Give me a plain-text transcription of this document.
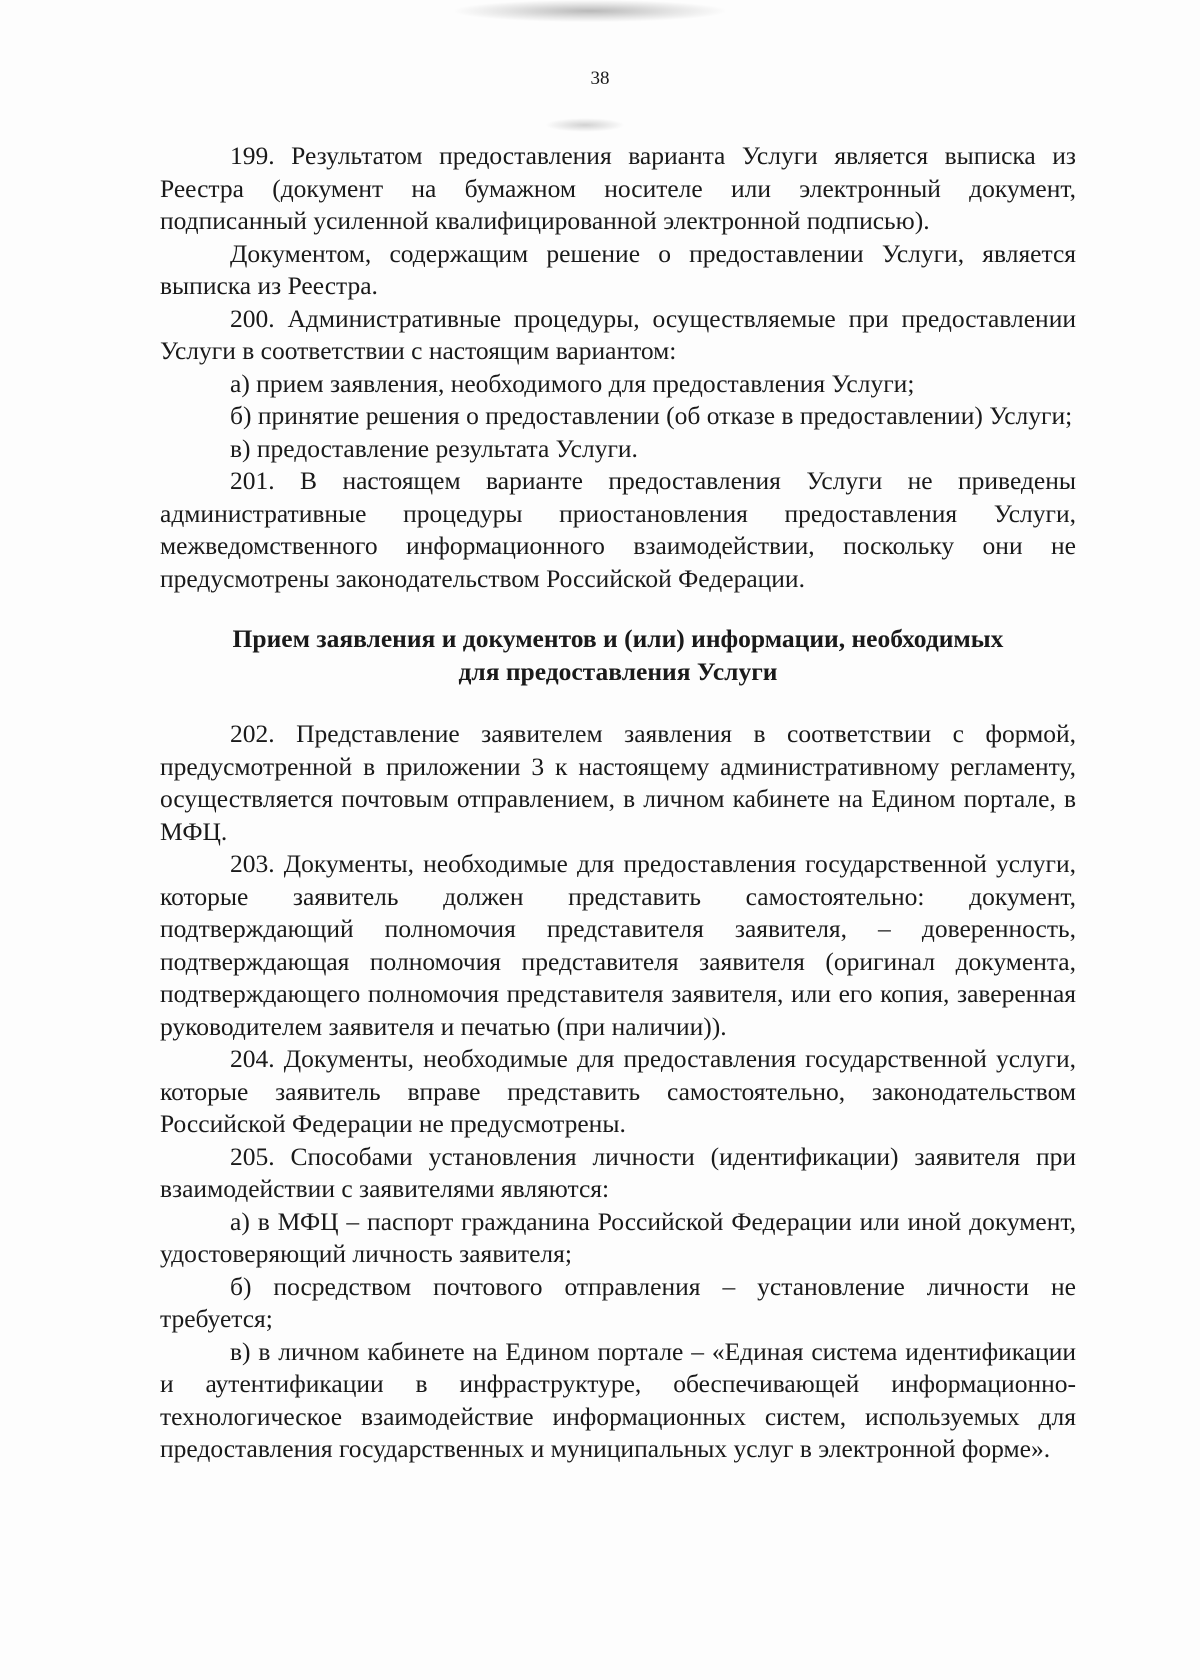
38

199. Результатом предоставления варианта Услуги является выписка из Реестра (документ на бумажном носителе или электронный документ, подписанный усиленной квалифицированной электронной подписью).

Документом, содержащим решение о предоставлении Услуги, является выписка из Реестра.

200. Административные процедуры, осуществляемые при предоставлении Услуги в соответствии с настоящим вариантом:

а) прием заявления, необходимого для предоставления Услуги;

б) принятие решения о предоставлении (об отказе в предоставлении) Услуги;

в) предоставление результата Услуги.

201. В настоящем варианте предоставления Услуги не приведены административные процедуры приостановления предоставления Услуги, межведомственного информационного взаимодействии, поскольку они не предусмотрены законодательством Российской Федерации.

Прием заявления и документов и (или) информации, необходимых
для предоставления Услуги

202. Представление заявителем заявления в соответствии с формой, предусмотренной в приложении 3 к настоящему административному регламенту, осуществляется почтовым отправлением, в личном кабинете на Едином портале, в МФЦ.

203. Документы, необходимые для предоставления государственной услуги, которые заявитель должен представить самостоятельно: документ, подтверждающий полномочия представителя заявителя, – доверенность, подтверждающая полномочия представителя заявителя (оригинал документа, подтверждающего полномочия представителя заявителя, или его копия, заверенная руководителем заявителя и печатью (при наличии)).

204. Документы, необходимые для предоставления государственной услуги, которые заявитель вправе представить самостоятельно, законодательством Российской Федерации не предусмотрены.

205. Способами установления личности (идентификации) заявителя при взаимодействии с заявителями являются:

а) в МФЦ – паспорт гражданина Российской Федерации или иной документ, удостоверяющий личность заявителя;

б) посредством почтового отправления – установление личности не требуется;

в) в личном кабинете на Едином портале – «Единая система идентификации и аутентификации в инфраструктуре, обеспечивающей информационно-технологическое взаимодействие информационных систем, используемых для предоставления государственных и муниципальных услуг в электронной форме».
